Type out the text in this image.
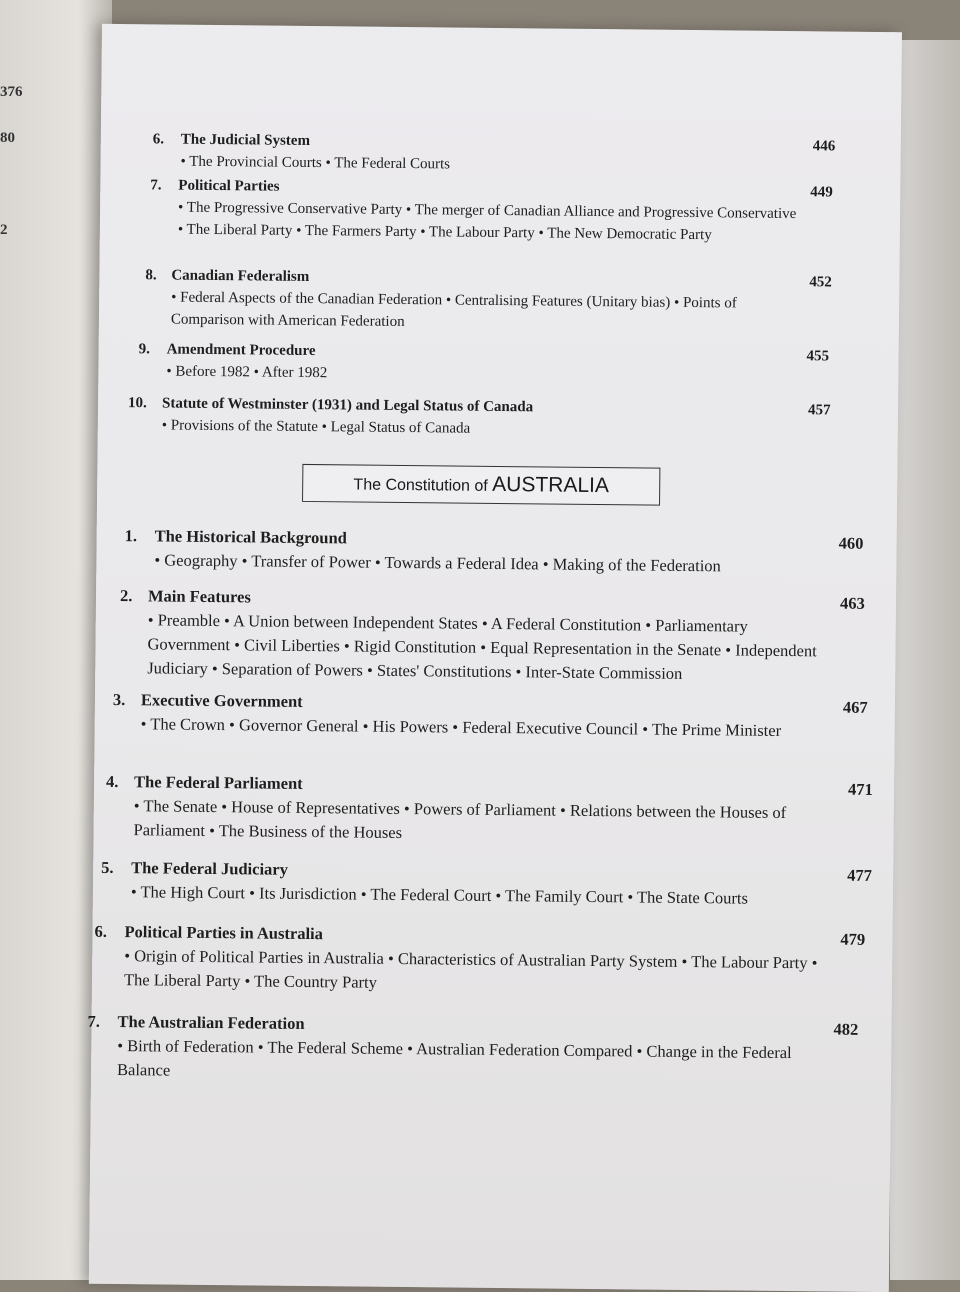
376
80
2
6. The Judicial System
• The Provincial Courts • The Federal Courts
446
7. Political Parties
• The Progressive Conservative Party • The merger of Canadian Alliance and Progressive Conservative • The Liberal Party • The Farmers Party • The Labour Party • The New Democratic Party
449
8. Canadian Federalism
• Federal Aspects of the Canadian Federation • Centralising Features (Unitary bias) • Points of Comparison with American Federation
452
9. Amendment Procedure
• Before 1982 • After 1982
455
10. Statute of Westminster (1931) and Legal Status of Canada
• Provisions of the Statute • Legal Status of Canada
457
The Constitution of AUSTRALIA
1. The Historical Background
• Geography • Transfer of Power • Towards a Federal Idea • Making of the Federation
460
2. Main Features
• Preamble • A Union between Independent States • A Federal Constitution • Parliamentary Government • Civil Liberties • Rigid Constitution • Equal Representation in the Senate • Independent Judiciary • Separation of Powers • States' Constitutions • Inter-State Commission
463
3. Executive Government
• The Crown • Governor General • His Powers • Federal Executive Council • The Prime Minister
467
4. The Federal Parliament
• The Senate • House of Representatives • Powers of Parliament • Relations between the Houses of Parliament • The Business of the Houses
471
5. The Federal Judiciary
• The High Court • Its Jurisdiction • The Federal Court • The Family Court • The State Courts
477
6. Political Parties in Australia
• Origin of Political Parties in Australia • Characteristics of Australian Party System • The Labour Party • The Liberal Party • The Country Party
479
7. The Australian Federation
• Birth of Federation • The Federal Scheme • Australian Federation Compared • Change in the Federal Balance
482
